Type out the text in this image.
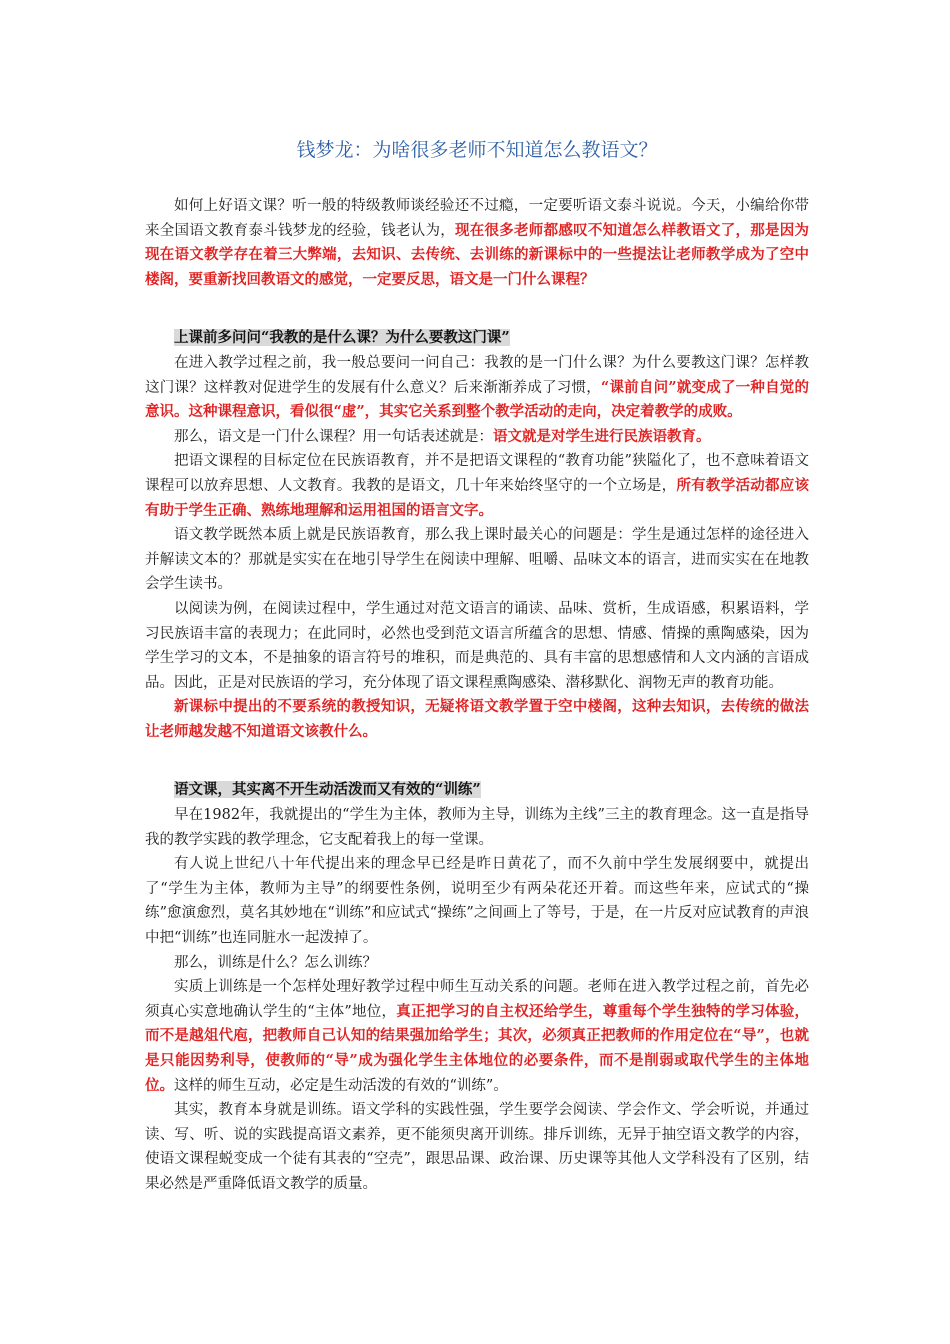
钱梦龙：为啥很多老师不知道怎么教语文？

如何上好语文课？听一般的特级教师谈经验还不过瘾，一定要听语文泰斗说说。今天，小编给你带来全国语文教育泰斗钱梦龙的经验，钱老认为，现在很多老师都感叹不知道怎么样教语文了，那是因为现在语文教学存在着三大弊端，去知识、去传统、去训练的新课标中的一些提法让老师教学成为了空中楼阁，要重新找回教语文的感觉，一定要反思，语文是一门什么课程？

上课前多问问“我教的是什么课？为什么要教这门课”

在进入教学过程之前，我一般总要问一问自己：我教的是一门什么课？为什么要教这门课？怎样教这门课？这样教对促进学生的发展有什么意义？后来渐渐养成了习惯，“课前自问”就变成了一种自觉的意识。这种课程意识，看似很“虚”，其实它关系到整个教学活动的走向，决定着教学的成败。

那么，语文是一门什么课程？用一句话表述就是：语文就是对学生进行民族语教育。

把语文课程的目标定位在民族语教育，并不是把语文课程的“教育功能”狭隘化了，也不意味着语文课程可以放弃思想、人文教育。我教的是语文，几十年来始终坚守的一个立场是，所有教学活动都应该有助于学生正确、熟练地理解和运用祖国的语言文字。

语文教学既然本质上就是民族语教育，那么我上课时最关心的问题是：学生是通过怎样的途径进入并解读文本的？那就是实实在在地引导学生在阅读中理解、咀嚼、品味文本的语言，进而实实在在地教会学生读书。

以阅读为例，在阅读过程中，学生通过对范文语言的诵读、品味、赏析，生成语感，积累语料，学习民族语丰富的表现力；在此同时，必然也受到范文语言所蕴含的思想、情感、情操的熏陶感染，因为学生学习的文本，不是抽象的语言符号的堆积，而是典范的、具有丰富的思想感情和人文内涵的言语成品。因此，正是对民族语的学习，充分体现了语文课程熏陶感染、潜移默化、润物无声的教育功能。

新课标中提出的不要系统的教授知识，无疑将语文教学置于空中楼阁，这种去知识，去传统的做法让老师越发越不知道语文该教什么。

语文课，其实离不开生动活泼而又有效的“训练”

早在1982年，我就提出的“学生为主体，教师为主导，训练为主线”三主的教育理念。这一直是指导我的教学实践的教学理念，它支配着我上的每一堂课。

有人说上世纪八十年代提出来的理念早已经是昨日黄花了，而不久前中学生发展纲要中，就提出了“学生为主体，教师为主导”的纲要性条例，说明至少有两朵花还开着。而这些年来，应试式的“操练”愈演愈烈，莫名其妙地在“训练”和应试式“操练”之间画上了等号，于是，在一片反对应试教育的声浪中把“训练”也连同脏水一起泼掉了。

那么，训练是什么？怎么训练？

实质上训练是一个怎样处理好教学过程中师生互动关系的问题。老师在进入教学过程之前，首先必须真心实意地确认学生的“主体”地位，真正把学习的自主权还给学生，尊重每个学生独特的学习体验，而不是越俎代庖，把教师自己认知的结果强加给学生；其次，必须真正把教师的作用定位在“导”，也就是只能因势利导，使教师的“导”成为强化学生主体地位的必要条件，而不是削弱或取代学生的主体地位。这样的师生互动，必定是生动活泼的有效的“训练”。

其实，教育本身就是训练。语文学科的实践性强，学生要学会阅读、学会作文、学会听说，并通过读、写、听、说的实践提高语文素养，更不能须臾离开训练。排斥训练，无异于抽空语文教学的内容，使语文课程蜕变成一个徒有其表的“空壳”，跟思品课、政治课、历史课等其他人文学科没有了区别，结果必然是严重降低语文教学的质量。
